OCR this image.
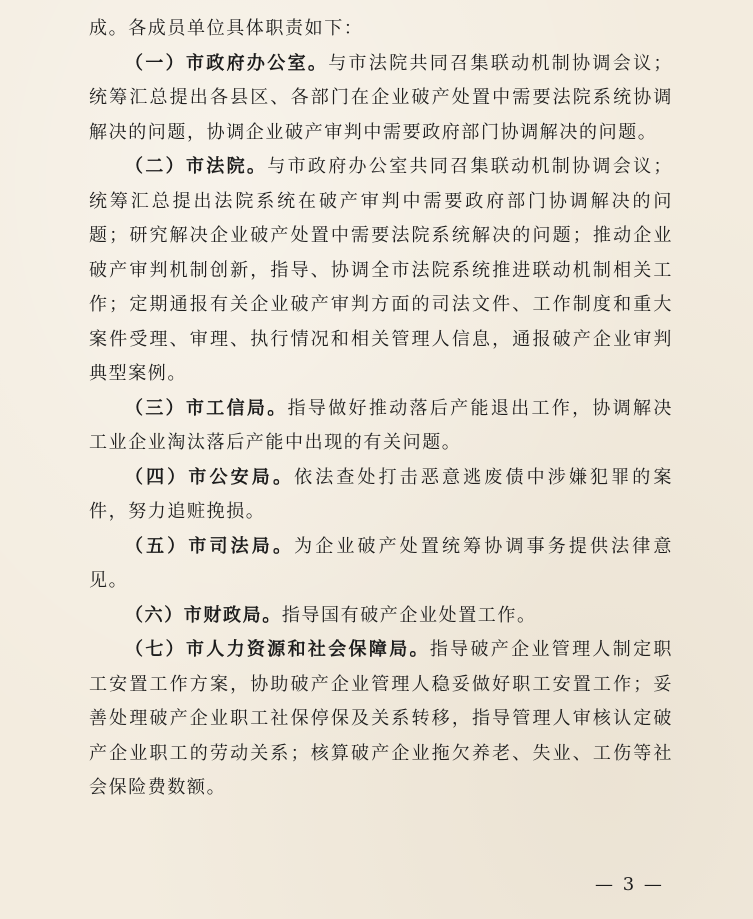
成。各成员单位具体职责如下：

（一）市政府办公室。与市法院共同召集联动机制协调会议；统筹汇总提出各县区、各部门在企业破产处置中需要法院系统协调解决的问题，协调企业破产审判中需要政府部门协调解决的问题。

（二）市法院。与市政府办公室共同召集联动机制协调会议；统筹汇总提出法院系统在破产审判中需要政府部门协调解决的问题；研究解决企业破产处置中需要法院系统解决的问题；推动企业破产审判机制创新，指导、协调全市法院系统推进联动机制相关工作；定期通报有关企业破产审判方面的司法文件、工作制度和重大案件受理、审理、执行情况和相关管理人信息，通报破产企业审判典型案例。

（三）市工信局。指导做好推动落后产能退出工作，协调解决工业企业淘汰落后产能中出现的有关问题。

（四）市公安局。依法查处打击恶意逃废债中涉嫌犯罪的案件，努力追赃挽损。

（五）市司法局。为企业破产处置统筹协调事务提供法律意见。

（六）市财政局。指导国有破产企业处置工作。

（七）市人力资源和社会保障局。指导破产企业管理人制定职工安置工作方案，协助破产企业管理人稳妥做好职工安置工作；妥善处理破产企业职工社保停保及关系转移，指导管理人审核认定破产企业职工的劳动关系；核算破产企业拖欠养老、失业、工伤等社会保险费数额。

— 3 —
